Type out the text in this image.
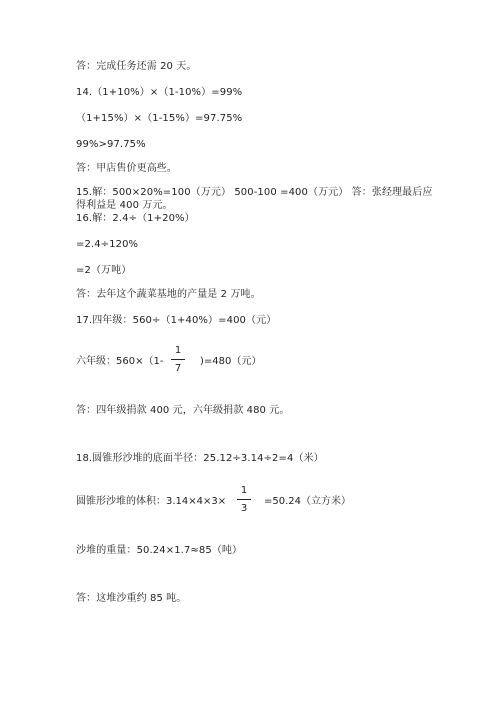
答：完成任务还需 20 天。
14.（1+10%）×（1-10%）=99%
（1+15%）×（1-15%）=97.75%
99%>97.75%
答：甲店售价更高些。
15.解：500×20%=100（万元） 500-100 =400（万元） 答：张经理最后应
得利益是 400 万元。
16.解：2.4÷（1+20%）
=2.4÷120%
=2（万吨）
答：去年这个蔬菜基地的产量是 2 万吨。
17.四年级：560÷（1+40%）=400（元）
六年级：560×（1-
1
7
)=480（元）
答：四年级捐款 400 元，六年级捐款 480 元。
18.圆锥形沙堆的底面半径：25.12÷3.14÷2=4（米）
圆锥形沙堆的体积：3.14×4×3×
1
3
=50.24（立方米）
沙堆的重量：50.24×1.7≈85（吨）
答：这堆沙重约 85 吨。
